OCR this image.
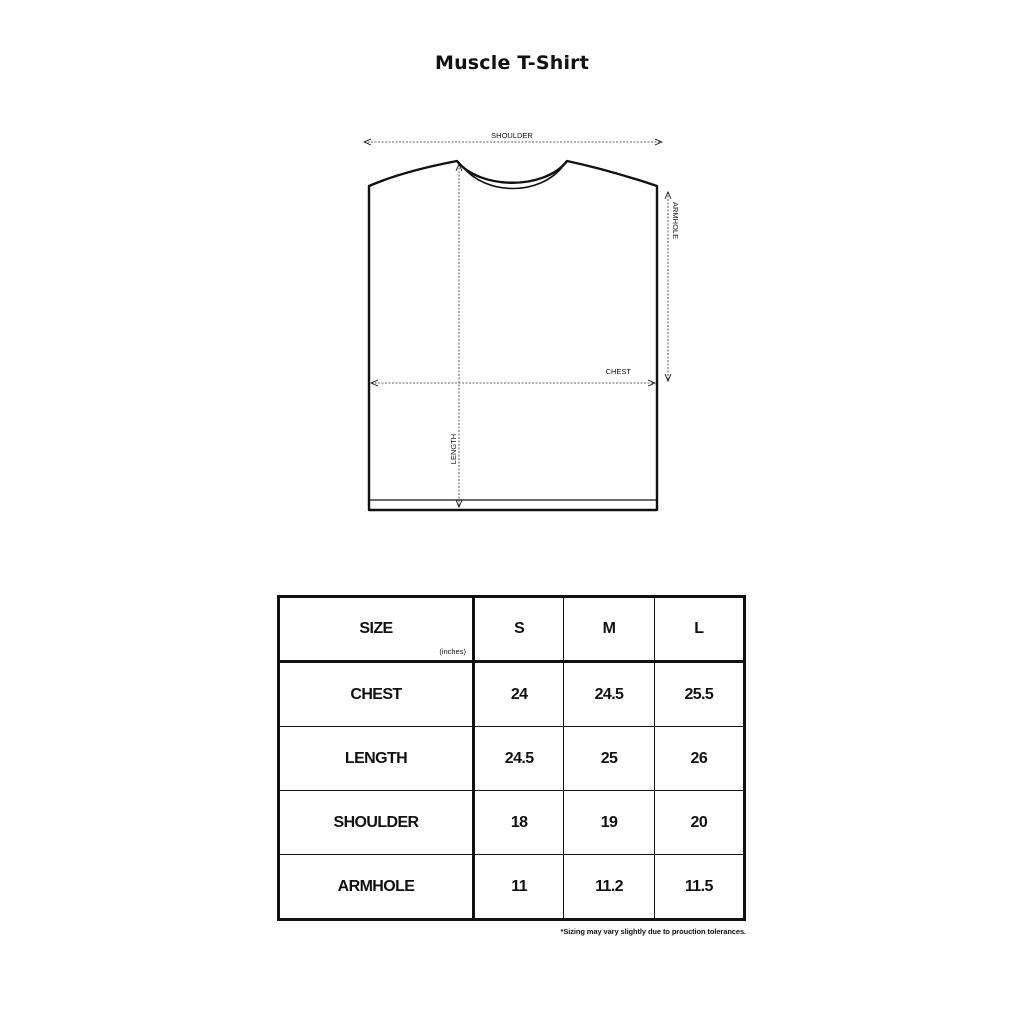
Muscle T-Shirt
SHOULDER
ARMHOLE
CHEST
LENGTH
SIZE
(inches)	S	M	L
CHEST	24	24.5	25.5
LENGTH	24.5	25	26
SHOULDER	18	19	20
ARMHOLE	11	11.2	11.5
*Sizing may vary slightly due to prouction tolerances.
